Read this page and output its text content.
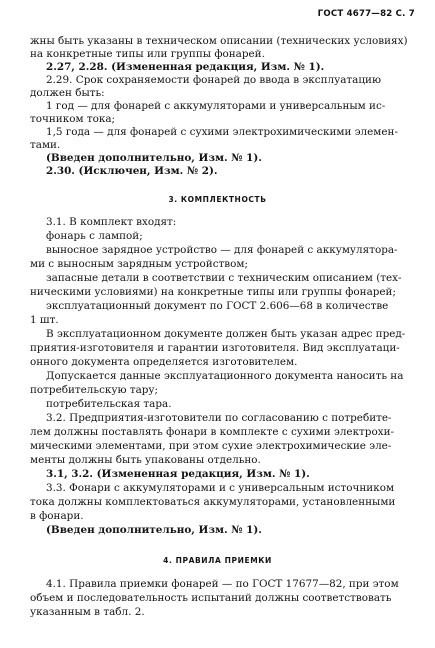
ГОСТ 4677—82 С. 7
жны быть указаны в техническом описании (технических условиях)
на конкретные типы или группы фонарей.
2.27, 2.28. (Измененная редакция, Изм. № 1).
2.29. Срок сохраняемости фонарей до ввода в эксплуатацию
должен быть:
1 год — для фонарей с аккумуляторами и универсальным ис-
точником тока;
1,5 года — для фонарей с сухими электрохимическими элемен-
тами.
(Введен дополнительно, Изм. № 1).
2.30. (Исключен, Изм. № 2).
3. КОМПЛЕКТНОСТЬ
3.1. В комплект входят:
фонарь с лампой;
выносное зарядное устройство — для фонарей с аккумулятора-
ми с выносным зарядным устройством;
запасные детали в соответствии с техническим описанием (тех-
ническими условиями) на конкретные типы или группы фонарей;
эксплуатационный документ по ГОСТ 2.606—68 в количестве
1 шт.
В эксплуатационном документе должен быть указан адрес пред-
приятия-изготовителя и гарантии изготовителя. Вид эксплуатаци-
онного документа определяется изготовителем.
Допускается данные эксплуатационного документа наносить на
потребительскую тару;
потребительская тара.
3.2. Предприятия-изготовители по согласованию с потребите-
лем должны поставлять фонари в комплекте с сухими электрохи-
мическими элементами, при этом сухие электрохимические эле-
менты должны быть упакованы отдельно.
3.1, 3.2. (Измененная редакция, Изм. № 1).
3.3. Фонари с аккумуляторами и с универсальным источником
тока должны комплектоваться аккумуляторами, установленными
в фонари.
(Введен дополнительно, Изм. № 1).
4. ПРАВИЛА ПРИЕМКИ
4.1. Правила приемки фонарей — по ГОСТ 17677—82, при этом
объем и последовательность испытаний должны соответствовать
указанным в табл. 2.
